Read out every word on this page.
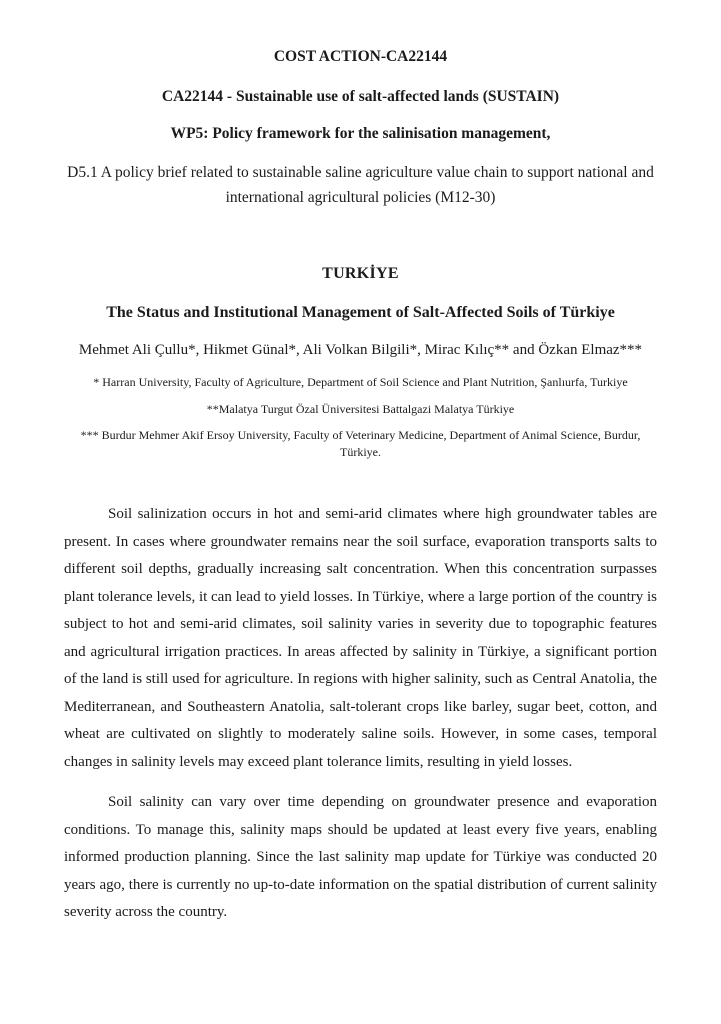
COST ACTION-CA22144
CA22144 - Sustainable use of salt-affected lands (SUSTAIN)
WP5: Policy framework for the salinisation management,
D5.1 A policy brief related to sustainable saline agriculture value chain to support national and international agricultural policies (M12-30)
TURKİYE
The Status and Institutional Management of Salt-Affected Soils of Türkiye
Mehmet Ali Çullu*, Hikmet Günal*, Ali Volkan Bilgili*, Mirac Kılıç** and Özkan Elmaz***
* Harran University, Faculty of Agriculture, Department of Soil Science and Plant Nutrition, Şanlıurfa, Turkiye
**Malatya Turgut Özal Üniversitesi Battalgazi Malatya Türkiye
*** Burdur Mehmer Akif Ersoy University, Faculty of Veterinary Medicine, Department of Animal Science, Burdur, Türkiye.

Soil salinization occurs in hot and semi-arid climates where high groundwater tables are present. In cases where groundwater remains near the soil surface, evaporation transports salts to different soil depths, gradually increasing salt concentration. When this concentration surpasses plant tolerance levels, it can lead to yield losses. In Türkiye, where a large portion of the country is subject to hot and semi-arid climates, soil salinity varies in severity due to topographic features and agricultural irrigation practices. In areas affected by salinity in Türkiye, a significant portion of the land is still used for agriculture. In regions with higher salinity, such as Central Anatolia, the Mediterranean, and Southeastern Anatolia, salt-tolerant crops like barley, sugar beet, cotton, and wheat are cultivated on slightly to moderately saline soils. However, in some cases, temporal changes in salinity levels may exceed plant tolerance limits, resulting in yield losses.

Soil salinity can vary over time depending on groundwater presence and evaporation conditions. To manage this, salinity maps should be updated at least every five years, enabling informed production planning. Since the last salinity map update for Türkiye was conducted 20 years ago, there is currently no up-to-date information on the spatial distribution of current salinity severity across the country.
